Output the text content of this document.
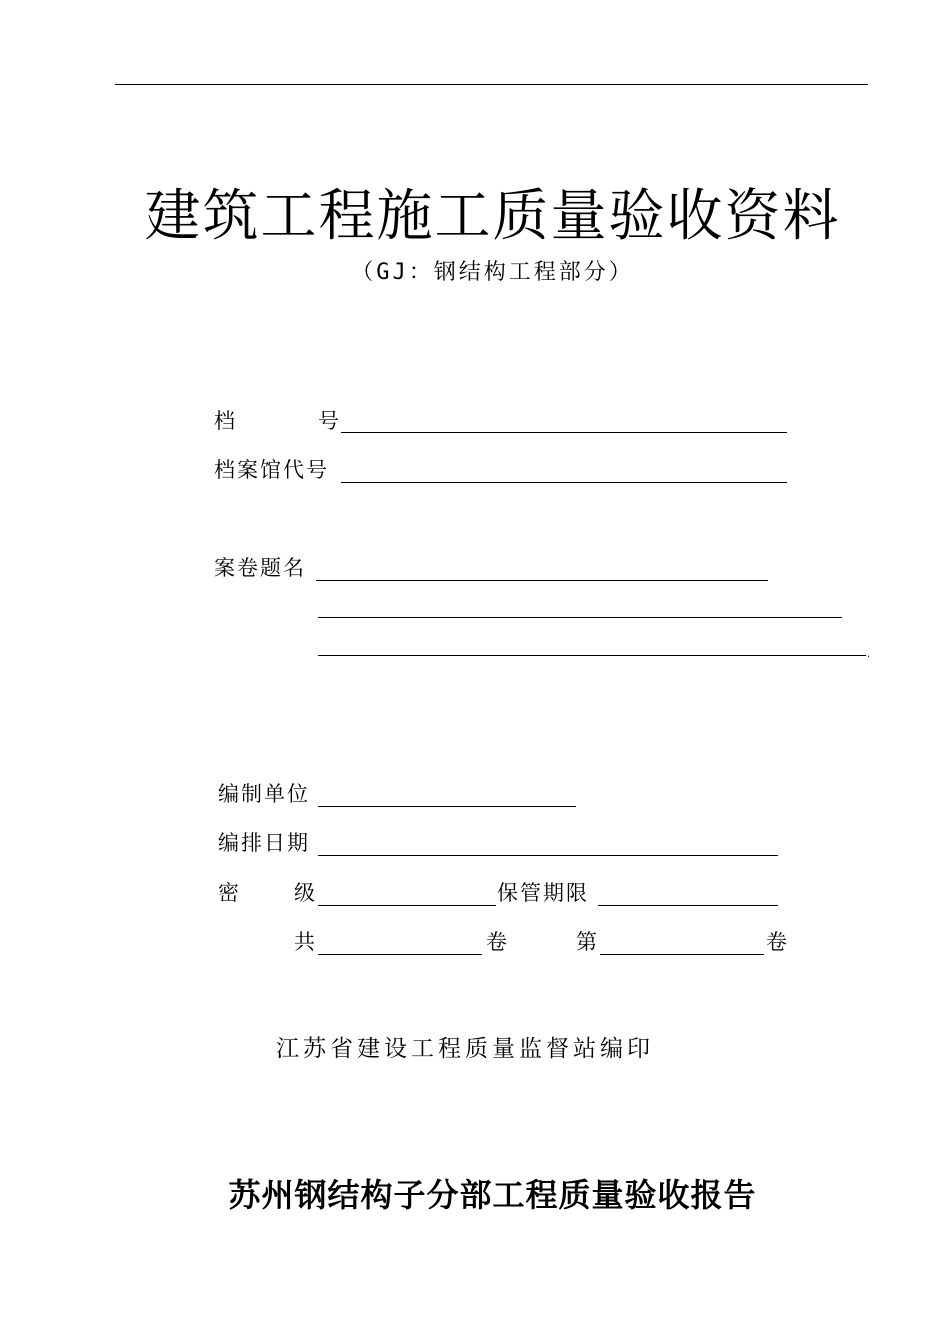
建筑工程施工质量验收资料
（GJ：钢结构工程部分）
档	号
档案馆代号
案卷题名
.
编制单位
编排日期
密	级	保管期限
共	卷	第	卷
江苏省建设工程质量监督站编印
苏州钢结构子分部工程质量验收报告
